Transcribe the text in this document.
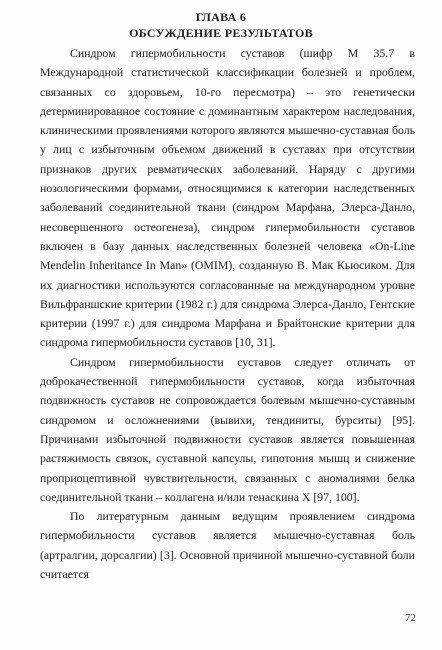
ГЛАВА 6
ОБСУЖДЕНИЕ РЕЗУЛЬТАТОВ

Синдром гипермобильности суставов (шифр М 35.7 в Международной статистической классификации болезней и проблем, связанных со здоровьем, 10-го пересмотра) – это генетически детерминированное состояние с доминантным характером наследования, клиническими проявлениями которого являются мышечно-суставная боль у лиц с избыточным объемом движений в суставах при отсутствии признаков других ревматических заболеваний. Наряду с другими нозологическими формами, относящимися к категории наследственных заболеваний соединительной ткани (синдром Марфана, Элерса-Данло, несовершенного остеогенеза), синдром гипермобильности суставов включен в базу данных наследственных болезней человека «On-Line Mendelin Inheritance In Man» (OMIM), созданную В. Мак Кьюсиком. Для их диагностики используются согласованные на международном уровне Вильфраншские критерии (1982 г.) для синдрома Элерса-Данло, Гентские критерии (1997 г.) для синдрома Марфана и Брайтонские критерии для синдрома гипермобильности суставов [10, 31].

Синдром гипермобильности суставов следует отличать от доброкачественной гипермобильности суставов, когда избыточная подвижность суставов не сопровождается болевым мышечно-суставным синдромом и осложнениями (вывихи, тендиниты, бурситы) [95]. Причинами избыточной подвижности суставов является повышенная растяжимость связок, суставной капсулы, гипотония мышц и снижение проприоцептивной чувствительности, связанных с аномалиями белка соединительной ткани – коллагена и/или тенаскина Х [97, 100].

По литературным данным ведущим проявлением синдрома гипермобильности суставов является мышечно-суставная боль (артралгии, дорсалгии) [3]. Основной причиной мышечно-суставной боли считается

72
